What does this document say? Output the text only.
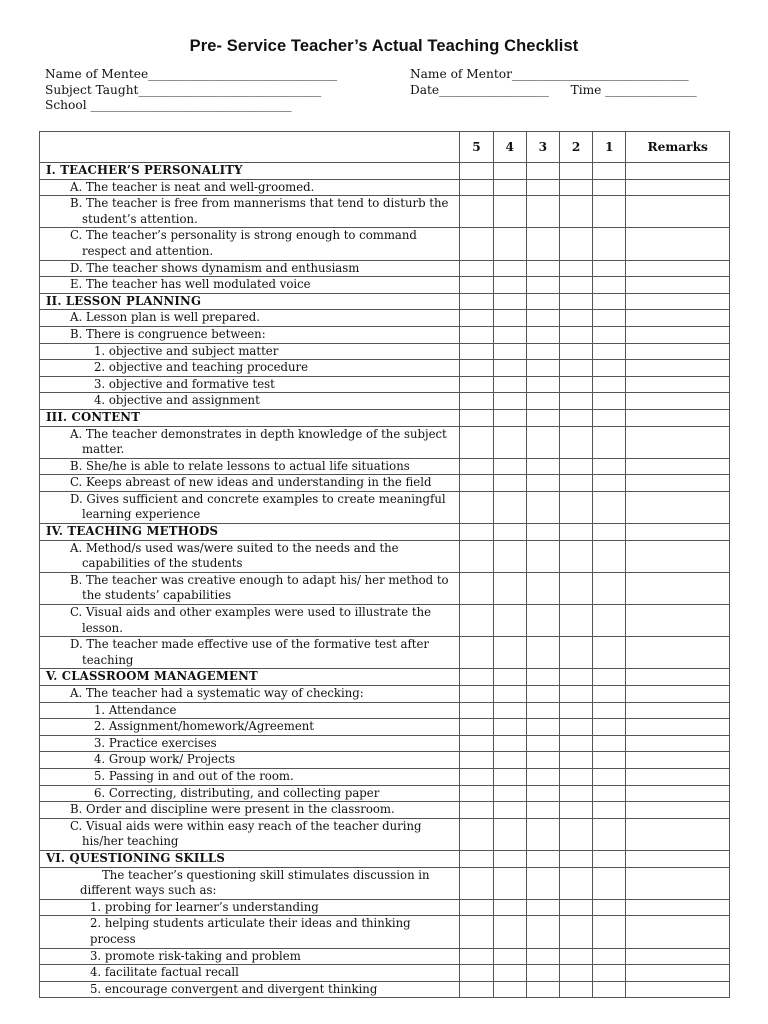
Pre- Service Teacher’s Actual Teaching Checklist
Name of Mentee_______________________________
Subject Taught______________________________
School _________________________________
Name of Mentor_____________________________
Date__________________ Time _______________
	5	4	3	2	1	Remarks

I. TEACHER’S PERSONALITY						

A. The teacher is neat and well-groomed.						

B. The teacher is free from mannerisms that tend to disturb the student’s attention.						

C. The teacher’s personality is strong enough to command respect and attention.						

D. The teacher shows dynamism and enthusiasm						

E. The teacher has well modulated voice						

II. LESSON PLANNING						

A. Lesson plan is well prepared.						

B. There is congruence between:						

1. objective and subject matter						

2. objective and teaching procedure						

3. objective and formative test						

4. objective and assignment						

III. CONTENT						

A. The teacher demonstrates in depth knowledge of the subject matter.						

B. She/he is able to relate lessons to actual life situations						

C. Keeps abreast of new ideas and understanding in the field						

D. Gives sufficient and concrete examples to create meaningful learning experience						

IV. TEACHING METHODS						

A. Method/s used was/were suited to the needs and the capabilities of the students						

B. The teacher was creative enough to adapt his/ her method to the students’ capabilities						

C. Visual aids and other examples were used to illustrate the lesson.						

D. The teacher made effective use of the formative test after teaching						

V. CLASSROOM MANAGEMENT						

A. The teacher had a systematic way of checking:						

1. Attendance						

2. Assignment/homework/Agreement						

3. Practice exercises						

4. Group work/ Projects						

5. Passing in and out of the room.						

6. Correcting, distributing, and collecting paper						

B. Order and discipline were present in the classroom.						

C. Visual aids were within easy reach of the teacher during his/her teaching						

VI. QUESTIONING SKILLS						

The teacher’s questioning skill stimulates discussion in different ways such as:						

1. probing for learner’s understanding						

2. helping students articulate their ideas and thinking process						

3. promote risk-taking and problem						

4. facilitate factual recall						

5. encourage convergent and divergent thinking						
